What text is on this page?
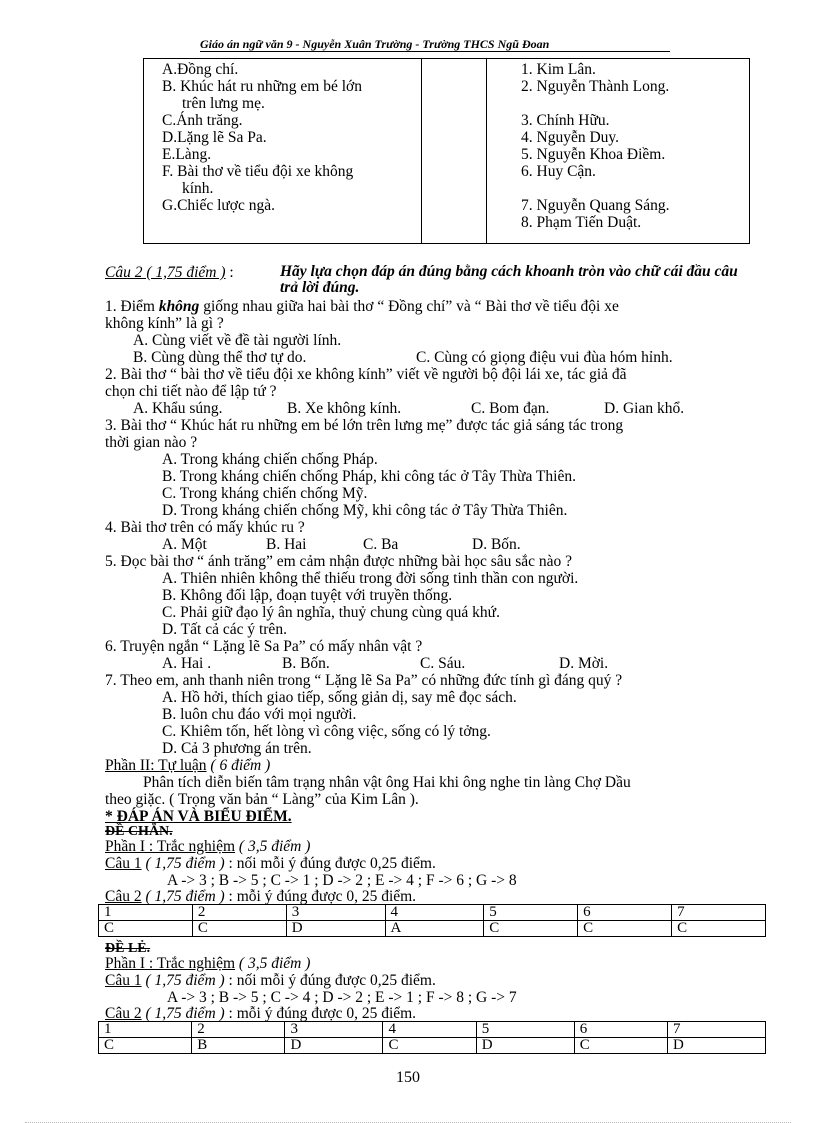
Giáo án ngữ văn 9 - Nguyễn Xuân Trường - Trường THCS Ngũ Đoan
A.Đồng chí.
B. Khúc hát ru những em bé lớn
trên lưng mẹ.
C.Ánh trăng.
D.Lặng lẽ Sa Pa.
E.Làng.
F. Bài thơ về tiểu đội xe không
kính.
G.Chiếc lược ngà.
1. Kim Lân.
2. Nguyễn Thành Long.
3. Chính Hữu.
4. Nguyễn Duy.
5. Nguyễn Khoa Điềm.
6. Huy Cận.
7. Nguyễn Quang Sáng.
8. Phạm Tiến Duật.
Câu 2 ( 1,75 điểm ) :	Hãy lựa chọn đáp án đúng bằng cách khoanh tròn vào chữ cái đầu câu trả lời đúng.
1. Điểm không giống nhau giữa hai bài thơ “ Đồng chí” và “ Bài thơ về tiểu đội xe
không kính” là gì ?
A. Cùng viết về đề tài người lính.
B. Cùng dùng thể thơ tự do.	C. Cùng có giọng điệu vui đùa hóm hỉnh.
2. Bài thơ “ bài thơ về tiểu đội xe không kính” viết về người bộ đội lái xe, tác giả đã
chọn chi tiết nào để lập tứ ?
A. Khẩu súng.	B. Xe không kính.	C. Bom đạn.	D. Gian khổ.
3. Bài thơ “ Khúc hát ru những em bé lớn trên lưng mẹ” được tác giả sáng tác trong
thời gian nào ?
A. Trong kháng chiến chống Pháp.
B. Trong kháng chiến chống Pháp, khi công tác ở Tây Thừa Thiên.
C. Trong kháng chiến chống Mỹ.
D. Trong kháng chiến chống Mỹ, khi công tác ở Tây Thừa Thiên.
4. Bài thơ trên có mấy khúc ru ?
A. Một	B. Hai	C. Ba	D. Bốn.
5. Đọc bài thơ “ ánh trăng” em cảm nhận được những bài học sâu sắc nào ?
A. Thiên nhiên không thể thiếu trong đời sống tinh thần con người.
B. Không đối lập, đoạn tuyệt với truyền thống.
C. Phải giữ đạo lý ân nghĩa, thuỷ chung cùng quá khứ.
D. Tất cả các ý trên.
6. Truyện ngắn “ Lặng lẽ Sa Pa” có mấy nhân vật ?
A. Hai .	B. Bốn.	C. Sáu.	D. Mời.
7. Theo em, anh thanh niên trong “ Lặng lẽ Sa Pa” có những đức tính gì đáng quý ?
A. Hồ hởi, thích giao tiếp, sống giản dị, say mê đọc sách.
B. luôn chu đáo với mọi người.
C. Khiêm tốn, hết lòng vì công việc, sống có lý tởng.
D. Cả 3 phương án trên.
Phần II: Tự luận ( 6 điểm )
Phân tích diễn biến tâm trạng nhân vật ông Hai khi ông nghe tin làng Chợ Dầu
theo giặc. ( Trọng văn bản “ Làng” của Kim Lân ).
* ĐÁP ÁN VÀ BIỂU ĐIỂM.
ĐỀ CHẴN.
Phần I : Trắc nghiệm ( 3,5 điểm )
Câu 1 ( 1,75 điểm ) : nối mỗi ý đúng được 0,25 điểm.
A -> 3 ; B -> 5 ; C -> 1 ; D -> 2 ; E -> 4 ; F -> 6 ; G -> 8
Câu 2 ( 1,75 điểm ) : mỗi ý đúng được 0, 25 điểm.
1	2	3	4	5	6	7
C	C	D	A	C	C	C
ĐỀ LẺ.
Phần I : Trắc nghiệm ( 3,5 điểm )
Câu 1 ( 1,75 điểm ) : nối mỗi ý đúng được 0,25 điểm.
A -> 3 ; B -> 5 ; C -> 4 ; D -> 2 ; E -> 1 ; F -> 8 ; G -> 7
Câu 2 ( 1,75 điểm ) : mỗi ý đúng được 0, 25 điểm.
1	2	3	4	5	6	7
C	B	D	C	D	C	D
150
